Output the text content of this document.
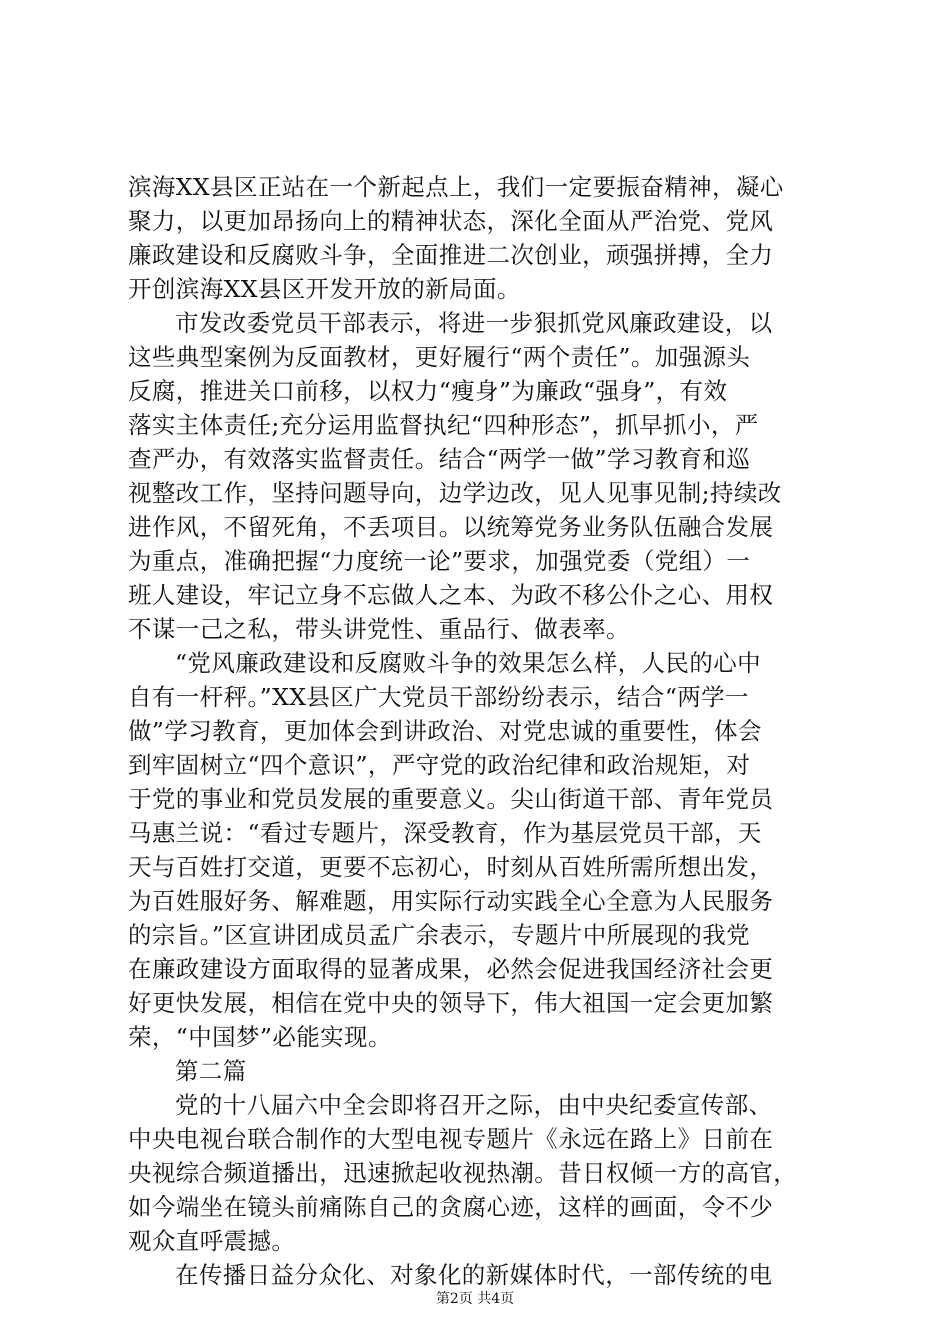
滨海XX县区正站在一个新起点上，我们一定要振奋精神，凝心
聚力，以更加昂扬向上的精神状态，深化全面从严治党、党风
廉政建设和反腐败斗争，全面推进二次创业，顽强拼搏，全力
开创滨海XX县区开发开放的新局面。
市发改委党员干部表示，将进一步狠抓党风廉政建设，以
这些典型案例为反面教材，更好履行“两个责任”。加强源头
反腐，推进关口前移，以权力“瘦身”为廉政“强身”，有效
落实主体责任;充分运用监督执纪“四种形态”，抓早抓小，严
查严办，有效落实监督责任。结合“两学一做”学习教育和巡
视整改工作，坚持问题导向，边学边改，见人见事见制;持续改
进作风，不留死角，不丢项目。以统筹党务业务队伍融合发展
为重点，准确把握“力度统一论”要求，加强党委（党组）一
班人建设，牢记立身不忘做人之本、为政不移公仆之心、用权
不谋一己之私，带头讲党性、重品行、做表率。
“党风廉政建设和反腐败斗争的效果怎么样，人民的心中
自有一杆秤。”XX县区广大党员干部纷纷表示，结合“两学一
做”学习教育，更加体会到讲政治、对党忠诚的重要性，体会
到牢固树立“四个意识”，严守党的政治纪律和政治规矩，对
于党的事业和党员发展的重要意义。尖山街道干部、青年党员
马惠兰说：“看过专题片，深受教育，作为基层党员干部，天
天与百姓打交道，更要不忘初心，时刻从百姓所需所想出发，
为百姓服好务、解难题，用实际行动实践全心全意为人民服务
的宗旨。”区宣讲团成员孟广余表示，专题片中所展现的我党
在廉政建设方面取得的显著成果，必然会促进我国经济社会更
好更快发展，相信在党中央的领导下，伟大祖国一定会更加繁
荣，“中国梦”必能实现。
第二篇
党的十八届六中全会即将召开之际，由中央纪委宣传部、
中央电视台联合制作的大型电视专题片《永远在路上》日前在
央视综合频道播出，迅速掀起收视热潮。昔日权倾一方的高官，
如今端坐在镜头前痛陈自己的贪腐心迹，这样的画面，令不少
观众直呼震撼。
在传播日益分众化、对象化的新媒体时代，一部传统的电
第2页 共4页
